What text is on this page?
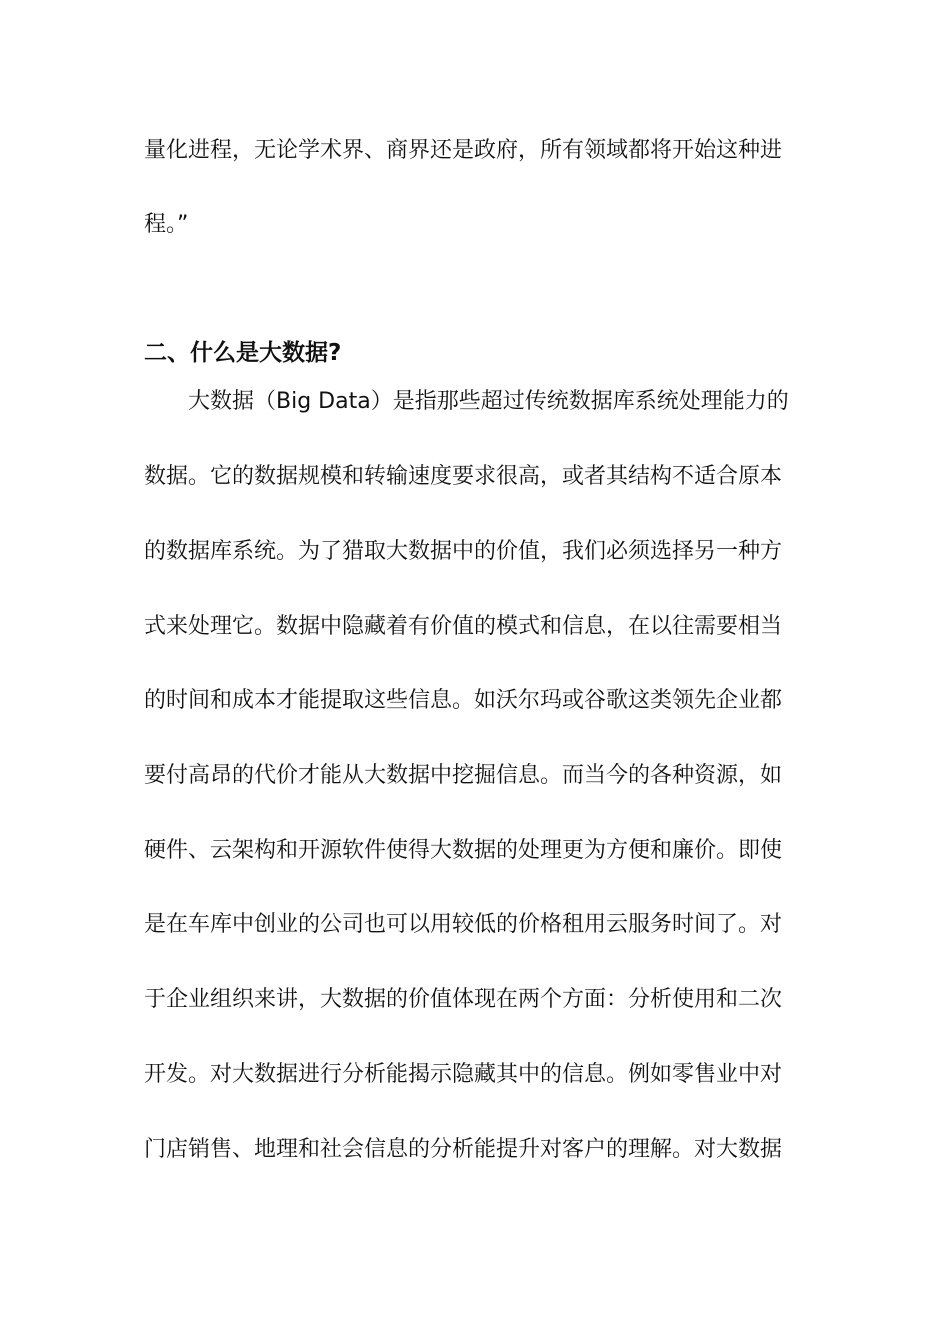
量化进程，无论学术界、商界还是政府，所有领域都将开始这种进
程。”
二、什么是大数据?
大数据（Big Data）是指那些超过传统数据库系统处理能力的
数据。它的数据规模和转输速度要求很高，或者其结构不适合原本
的数据库系统。为了猎取大数据中的价值，我们必须选择另一种方
式来处理它。数据中隐藏着有价值的模式和信息，在以往需要相当
的时间和成本才能提取这些信息。如沃尔玛或谷歌这类领先企业都
要付高昂的代价才能从大数据中挖掘信息。而当今的各种资源，如
硬件、云架构和开源软件使得大数据的处理更为方便和廉价。即使
是在车库中创业的公司也可以用较低的价格租用云服务时间了。对
于企业组织来讲，大数据的价值体现在两个方面：分析使用和二次
开发。对大数据进行分析能揭示隐藏其中的信息。例如零售业中对
门店销售、地理和社会信息的分析能提升对客户的理解。对大数据
